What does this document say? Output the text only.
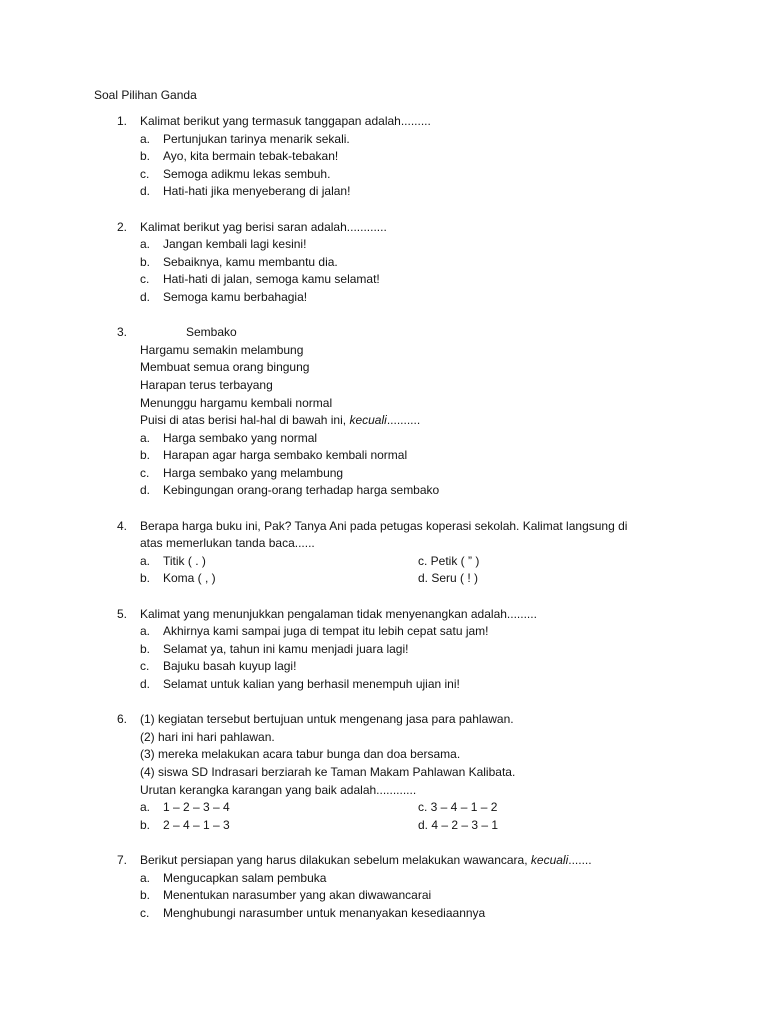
Soal Pilihan Ganda
1. Kalimat berikut yang termasuk tanggapan adalah.........
a. Pertunjukan tarinya menarik sekali.
b. Ayo, kita bermain tebak-tebakan!
c. Semoga adikmu lekas sembuh.
d. Hati-hati jika menyeberang di jalan!
2. Kalimat berikut yag berisi saran adalah............
a. Jangan kembali lagi kesini!
b. Sebaiknya, kamu membantu dia.
c. Hati-hati di jalan, semoga kamu selamat!
d. Semoga kamu berbahagia!
3.	Sembako
Hargamu semakin melambung
Membuat semua orang bingung
Harapan terus terbayang
Menunggu hargamu kembali normal
Puisi di atas berisi hal-hal di bawah ini, kecuali..........
a. Harga sembako yang normal
b. Harapan agar harga sembako kembali normal
c. Harga sembako yang melambung
d. Kebingungan orang-orang terhadap harga sembako
4. Berapa harga buku ini, Pak? Tanya Ani pada petugas koperasi sekolah. Kalimat langsung di
atas memerlukan tanda baca......
a. Titik ( . )	c. Petik ( ” )
b. Koma ( , )	d. Seru ( ! )
5. Kalimat yang menunjukkan pengalaman tidak menyenangkan adalah.........
a. Akhirnya kami sampai juga di tempat itu lebih cepat satu jam!
b. Selamat ya, tahun ini kamu menjadi juara lagi!
c. Bajuku basah kuyup lagi!
d. Selamat untuk kalian yang berhasil menempuh ujian ini!
6. (1) kegiatan tersebut bertujuan untuk mengenang jasa para pahlawan.
(2) hari ini hari pahlawan.
(3) mereka melakukan acara tabur bunga dan doa bersama.
(4) siswa SD Indrasari berziarah ke Taman Makam Pahlawan Kalibata.
Urutan kerangka karangan yang baik adalah............
a. 1 – 2 – 3 – 4	c. 3 – 4 – 1 – 2
b. 2 – 4 – 1 – 3	d. 4 – 2 – 3 – 1
7. Berikut persiapan yang harus dilakukan sebelum melakukan wawancara, kecuali.......
a. Mengucapkan salam pembuka
b. Menentukan narasumber yang akan diwawancarai
c. Menghubungi narasumber untuk menanyakan kesediaannya
